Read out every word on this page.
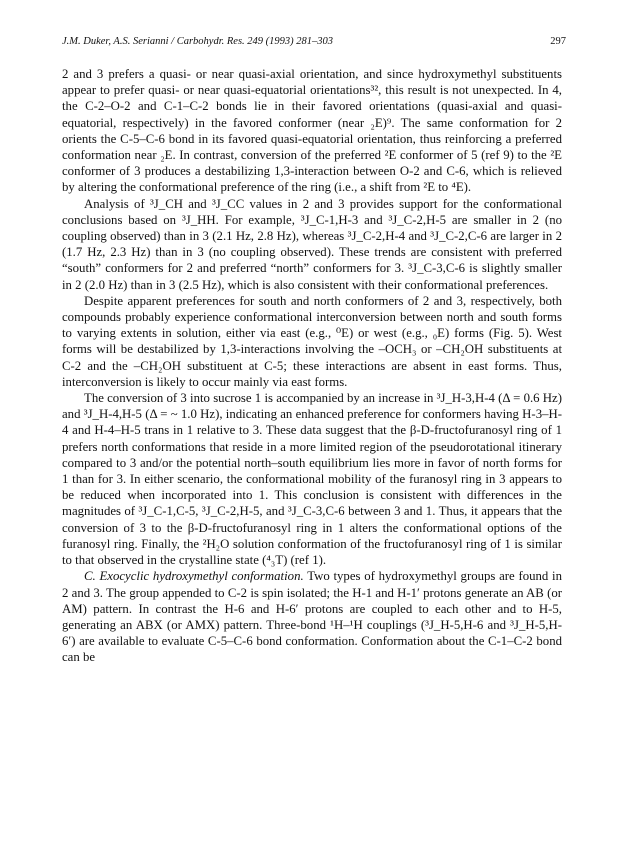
J.M. Duker, A.S. Serianni / Carbohydr. Res. 249 (1993) 281–303	297

2 and 3 prefers a quasi- or near quasi-axial orientation, and since hydroxymethyl substituents appear to prefer quasi- or near quasi-equatorial orientations³², this result is not unexpected. In 4, the C-2–O-2 and C-1–C-2 bonds lie in their favored orientations (quasi-axial and quasi-equatorial, respectively) in the favored conformer (near ₂E)⁹. The same conformation for 2 orients the C-5–C-6 bond in its favored quasi-equatorial orientation, thus reinforcing a preferred conformation near ₂E. In contrast, conversion of the preferred ²E conformer of 5 (ref 9) to the ²E conformer of 3 produces a destabilizing 1,3-interaction between O-2 and C-6, which is relieved by altering the conformational preference of the ring (i.e., a shift from ²E to ⁴E).

Analysis of ³J_CH and ³J_CC values in 2 and 3 provides support for the conformational conclusions based on ³J_HH. For example, ³J_C-1,H-3 and ³J_C-2,H-5 are smaller in 2 (no coupling observed) than in 3 (2.1 Hz, 2.8 Hz), whereas ³J_C-2,H-4 and ³J_C-2,C-6 are larger in 2 (1.7 Hz, 2.3 Hz) than in 3 (no coupling observed). These trends are consistent with preferred “south” conformers for 2 and preferred “north” conformers for 3. ³J_C-3,C-6 is slightly smaller in 2 (2.0 Hz) than in 3 (2.5 Hz), which is also consistent with their conformational preferences.

Despite apparent preferences for south and north conformers of 2 and 3, respectively, both compounds probably experience conformational interconversion between north and south forms to varying extents in solution, either via east (e.g., ⁰E) or west (e.g., ₀E) forms (Fig. 5). West forms will be destabilized by 1,3-interactions involving the –OCH₃ or –CH₂OH substituents at C-2 and the –CH₂OH substituent at C-5; these interactions are absent in east forms. Thus, interconversion is likely to occur mainly via east forms.

The conversion of 3 into sucrose 1 is accompanied by an increase in ³J_H-3,H-4 (Δ = 0.6 Hz) and ³J_H-4,H-5 (Δ = ~ 1.0 Hz), indicating an enhanced preference for conformers having H-3–H-4 and H-4–H-5 trans in 1 relative to 3. These data suggest that the β-D-fructofuranosyl ring of 1 prefers north conformations that reside in a more limited region of the pseudorotational itinerary compared to 3 and/or the potential north–south equilibrium lies more in favor of north forms for 1 than for 3. In either scenario, the conformational mobility of the furanosyl ring in 3 appears to be reduced when incorporated into 1. This conclusion is consistent with differences in the magnitudes of ³J_C-1,C-5, ³J_C-2,H-5, and ³J_C-3,C-6 between 3 and 1. Thus, it appears that the conversion of 3 to the β-D-fructofuranosyl ring in 1 alters the conformational options of the furanosyl ring. Finally, the ²H₂O solution conformation of the fructofuranosyl ring of 1 is similar to that observed in the crystalline state (⁴₃T) (ref 1).

C. Exocyclic hydroxymethyl conformation. Two types of hydroxymethyl groups are found in 2 and 3. The group appended to C-2 is spin isolated; the H-1 and H-1′ protons generate an AB (or AM) pattern. In contrast the H-6 and H-6′ protons are coupled to each other and to H-5, generating an ABX (or AMX) pattern. Three-bond ¹H–¹H couplings (³J_H-5,H-6 and ³J_H-5,H-6′) are available to evaluate C-5–C-6 bond conformation. Conformation about the C-1–C-2 bond can be
